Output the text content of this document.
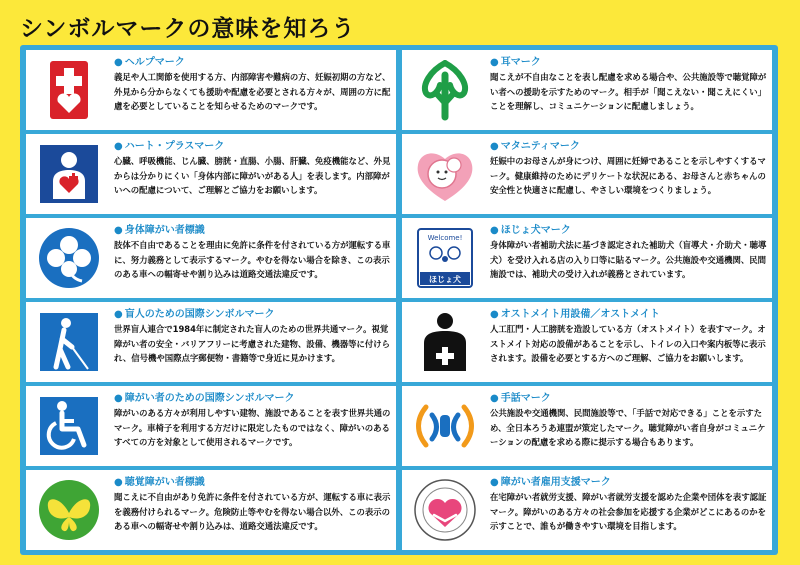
シンボルマークの意味を知ろう
● ヘルプマーク
義足や人工関節を使用する方、内部障害や難病の方、妊娠初期の方など、外見から分からなくても援助や配慮を必要とされる方々が、周囲の方に配慮を必要としていることを知らせるためのマークです。
● 耳マーク
聞こえが不自由なことを表し配慮を求める場合や、公共施設等で聴覚障がい者への援助を示すためのマーク。相手が「聞こえない・聞こえにくい」ことを理解し、コミュニケーションに配慮しましょう。
● ハート・プラスマーク
心臓、呼吸機能、じん臓、膀胱・直腸、小腸、肝臓、免疫機能など、外見からは分かりにくい「身体内部に障がいがある人」を表します。内部障がいへの配慮について、ご理解とご協力をお願いします。
● マタニティマーク
妊娠中のお母さんが身につけ、周囲に妊婦であることを示しやすくするマーク。健康維持のためにデリケートな状況にある、お母さんと赤ちゃんの安全性と快適さに配慮し、やさしい環境をつくりましょう。
● 身体障がい者標識
肢体不自由であることを理由に免許に条件を付されている方が運転する車に、努力義務として表示するマーク。やむを得ない場合を除き、この表示のある車への幅寄せや割り込みは道路交通法違反です。
Welcome!
ほじょ犬
● ほじょ犬マーク
身体障がい者補助犬法に基づき認定された補助犬（盲導犬・介助犬・聴導犬）を受け入れる店の入り口等に貼るマーク。公共施設や交通機関、民間施設では、補助犬の受け入れが義務とされています。
● 盲人のための国際シンボルマーク
世界盲人連合で1984年に制定された盲人のための世界共通マーク。視覚障がい者の安全・バリアフリーに考慮された建物、設備、機器等に付けられ、信号機や国際点字郵便物・書籍等で身近に見かけます。
● オストメイト用設備／オストメイト
人工肛門・人工膀胱を造設している方（オストメイト）を表すマーク。オストメイト対応の設備があることを示し、トイレの入口や案内板等に表示されます。設備を必要とする方へのご理解、ご協力をお願いします。
● 障がい者のための国際シンボルマーク
障がいのある方々が利用しやすい建物、施設であることを表す世界共通のマーク。車椅子を利用する方だけに限定したものではなく、障がいのあるすべての方を対象として使用されるマークです。
● 手話マーク
公共施設や交通機関、民間施設等で、「手話で対応できる」ことを示すため、全日本ろうあ連盟が策定したマーク。聴覚障がい者自身がコミュニケーションの配慮を求める際に提示する場合もあります。
● 聴覚障がい者標識
聞こえに不自由があり免許に条件を付されている方が、運転する車に表示を義務付けられるマーク。危険防止等やむを得ない場合以外、この表示のある車への幅寄せや割り込みは、道路交通法違反です。
● 障がい者雇用支援マーク
在宅障がい者就労支援、障がい者就労支援を認めた企業や団体を表す認証マーク。障がいのある方々の社会参加を応援する企業がどこにあるのかを示すことで、誰もが働きやすい環境を目指します。
